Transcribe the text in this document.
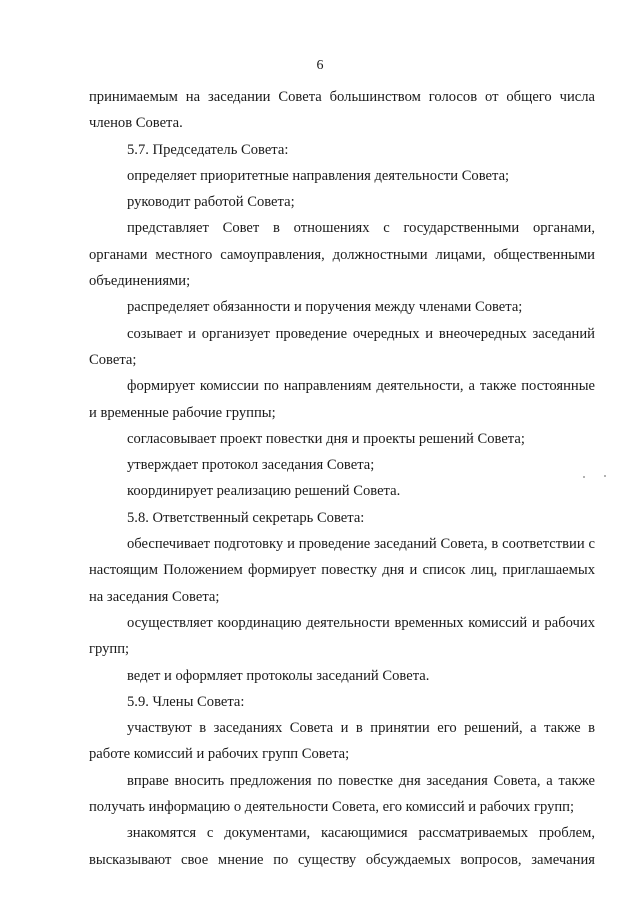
6

принимаемым на заседании Совета большинством голосов от общего числа членов Совета.

5.7. Председатель Совета:

определяет приоритетные направления деятельности Совета;

руководит работой Совета;

представляет Совет в отношениях с государственными органами, органами местного самоуправления, должностными лицами, общественными объединениями;

распределяет обязанности и поручения между членами Совета;

созывает и организует проведение очередных и внеочередных заседаний Совета;

формирует комиссии по направлениям деятельности, а также постоянные и временные рабочие группы;

согласовывает проект повестки дня и проекты решений Совета;

утверждает протокол заседания Совета;

координирует реализацию решений Совета.

5.8. Ответственный секретарь Совета:

обеспечивает подготовку и проведение заседаний Совета, в соответствии с настоящим Положением формирует повестку дня и список лиц, приглашаемых на заседания Совета;

осуществляет координацию деятельности временных комиссий и рабочих групп;

ведет и оформляет протоколы заседаний Совета.

5.9. Члены Совета:

участвуют в заседаниях Совета и в принятии его решений, а также в работе комиссий и рабочих групп Совета;

вправе вносить предложения по повестке дня заседания Совета, а также получать информацию о деятельности Совета, его комиссий и рабочих групп;

знакомятся с документами, касающимися рассматриваемых проблем, высказывают свое мнение по существу обсуждаемых вопросов, замечания
